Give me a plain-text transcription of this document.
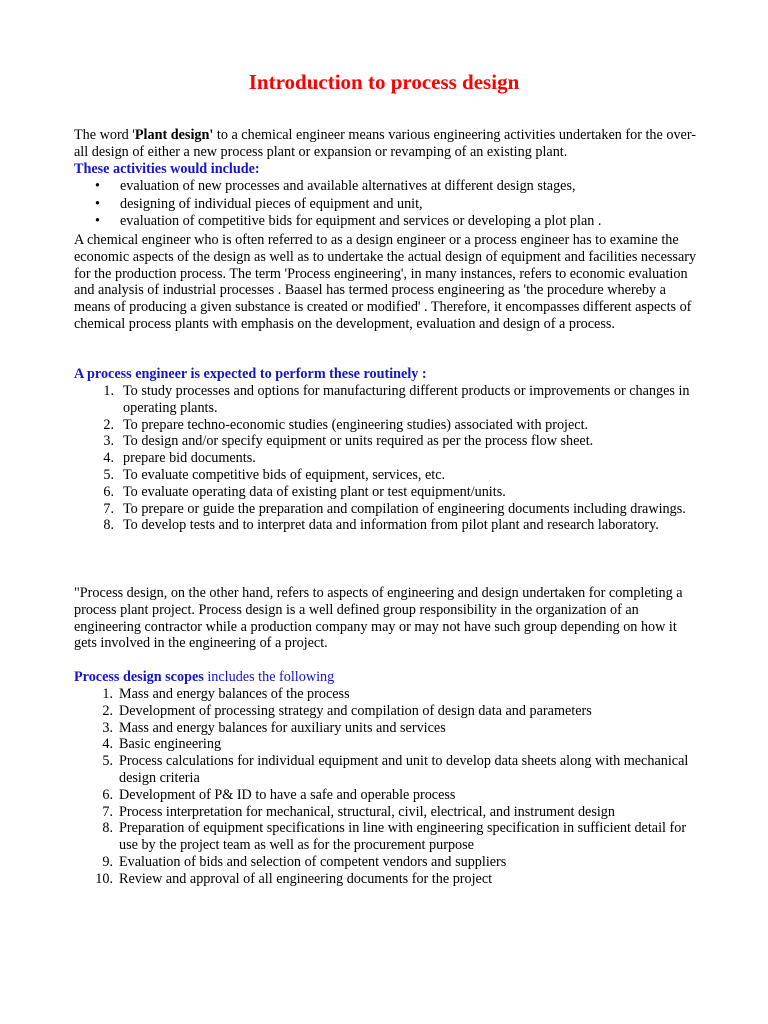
Introduction to process design

The word 'Plant design' to a chemical engineer means various engineering activities undertaken for the over-all design of either a new process plant or expansion or revamping of an existing plant.

These activities would include:

• evaluation of new processes and available alternatives at different design stages,
• designing of individual pieces of equipment and unit,
• evaluation of competitive bids for equipment and services or developing a plot plan .

A chemical engineer who is often referred to as a design engineer or a process engineer has to examine the economic aspects of the design as well as to undertake the actual design of equipment and facilities necessary for the production process. The term 'Process engineering', in many instances, refers to economic evaluation and analysis of industrial processes . Baasel has termed process engineering as 'the procedure whereby a means of producing a given substance is created or modified' . Therefore, it encompasses different aspects of chemical process plants with emphasis on the development, evaluation and design of a process.

A process engineer is expected to perform these routinely :

1. To study processes and options for manufacturing different products or improvements or changes in operating plants.
2. To prepare techno-economic studies (engineering studies) associated with project.
3. To design and/or specify equipment or units required as per the process flow sheet.
4. prepare bid documents.
5. To evaluate competitive bids of equipment, services, etc.
6. To evaluate operating data of existing plant or test equipment/units.
7. To prepare or guide the preparation and compilation of engineering documents including drawings.
8. To develop tests and to interpret data and information from pilot plant and research laboratory.

"Process design, on the other hand, refers to aspects of engineering and design undertaken for completing a process plant project. Process design is a well defined group responsibility in the organization of an engineering contractor while a production company may or may not have such group depending on how it gets involved in the engineering of a project.

Process design scopes includes the following

1. Mass and energy balances of the process
2. Development of processing strategy and compilation of design data and parameters
3. Mass and energy balances for auxiliary units and services
4. Basic engineering
5. Process calculations for individual equipment and unit to develop data sheets along with mechanical design criteria
6. Development of P& ID to have a safe and operable process
7. Process interpretation for mechanical, structural, civil, electrical, and instrument design
8. Preparation of equipment specifications in line with engineering specification in sufficient detail for use by the project team as well as for the procurement purpose
9. Evaluation of bids and selection of competent vendors and suppliers
10. Review and approval of all engineering documents for the project
